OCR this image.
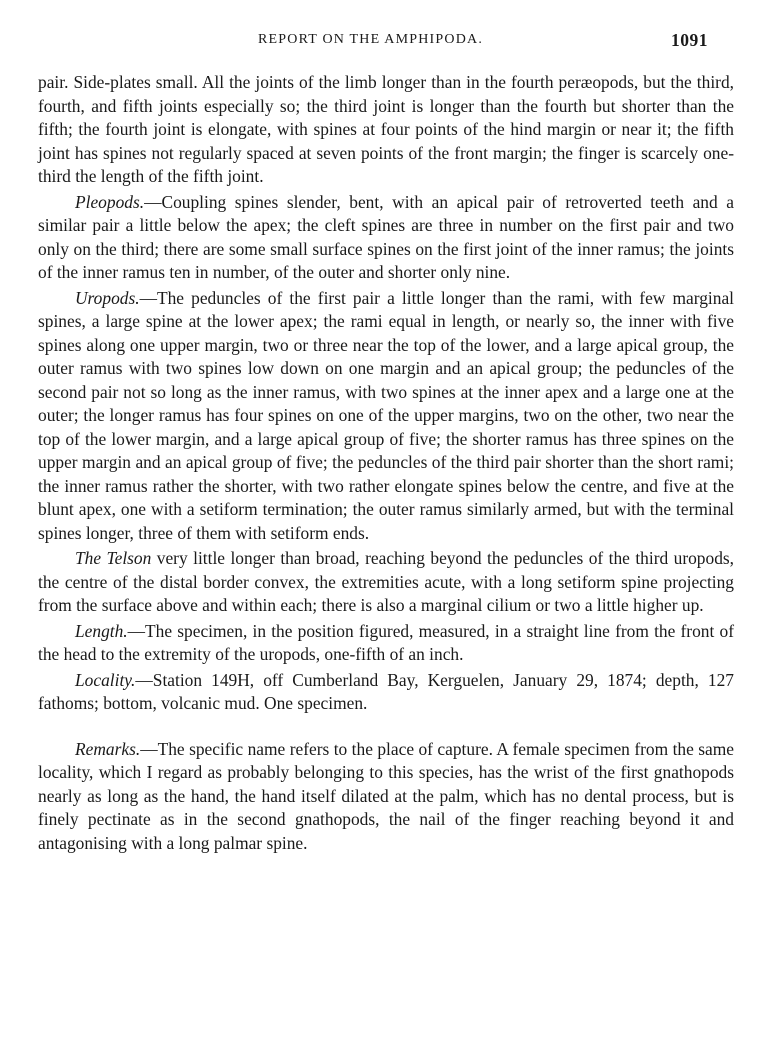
REPORT ON THE AMPHIPODA.	1091

pair. Side-plates small. All the joints of the limb longer than in the fourth peræopods, but the third, fourth, and fifth joints especially so; the third joint is longer than the fourth but shorter than the fifth; the fourth joint is elongate, with spines at four points of the hind margin or near it; the fifth joint has spines not regularly spaced at seven points of the front margin; the finger is scarcely one-third the length of the fifth joint.

Pleopods.—Coupling spines slender, bent, with an apical pair of retroverted teeth and a similar pair a little below the apex; the cleft spines are three in number on the first pair and two only on the third; there are some small surface spines on the first joint of the inner ramus; the joints of the inner ramus ten in number, of the outer and shorter only nine.

Uropods.—The peduncles of the first pair a little longer than the rami, with few marginal spines, a large spine at the lower apex; the rami equal in length, or nearly so, the inner with five spines along one upper margin, two or three near the top of the lower, and a large apical group, the outer ramus with two spines low down on one margin and an apical group; the peduncles of the second pair not so long as the inner ramus, with two spines at the inner apex and a large one at the outer; the longer ramus has four spines on one of the upper margins, two on the other, two near the top of the lower margin, and a large apical group of five; the shorter ramus has three spines on the upper margin and an apical group of five; the peduncles of the third pair shorter than the short rami; the inner ramus rather the shorter, with two rather elongate spines below the centre, and five at the blunt apex, one with a setiform termination; the outer ramus similarly armed, but with the terminal spines longer, three of them with setiform ends.

The Telson very little longer than broad, reaching beyond the peduncles of the third uropods, the centre of the distal border convex, the extremities acute, with a long setiform spine projecting from the surface above and within each; there is also a marginal cilium or two a little higher up.

Length.—The specimen, in the position figured, measured, in a straight line from the front of the head to the extremity of the uropods, one-fifth of an inch.

Locality.—Station 149H, off Cumberland Bay, Kerguelen, January 29, 1874; depth, 127 fathoms; bottom, volcanic mud. One specimen.

Remarks.—The specific name refers to the place of capture. A female specimen from the same locality, which I regard as probably belonging to this species, has the wrist of the first gnathopods nearly as long as the hand, the hand itself dilated at the palm, which has no dental process, but is finely pectinate as in the second gnathopods, the nail of the finger reaching beyond it and antagonising with a long palmar spine.
